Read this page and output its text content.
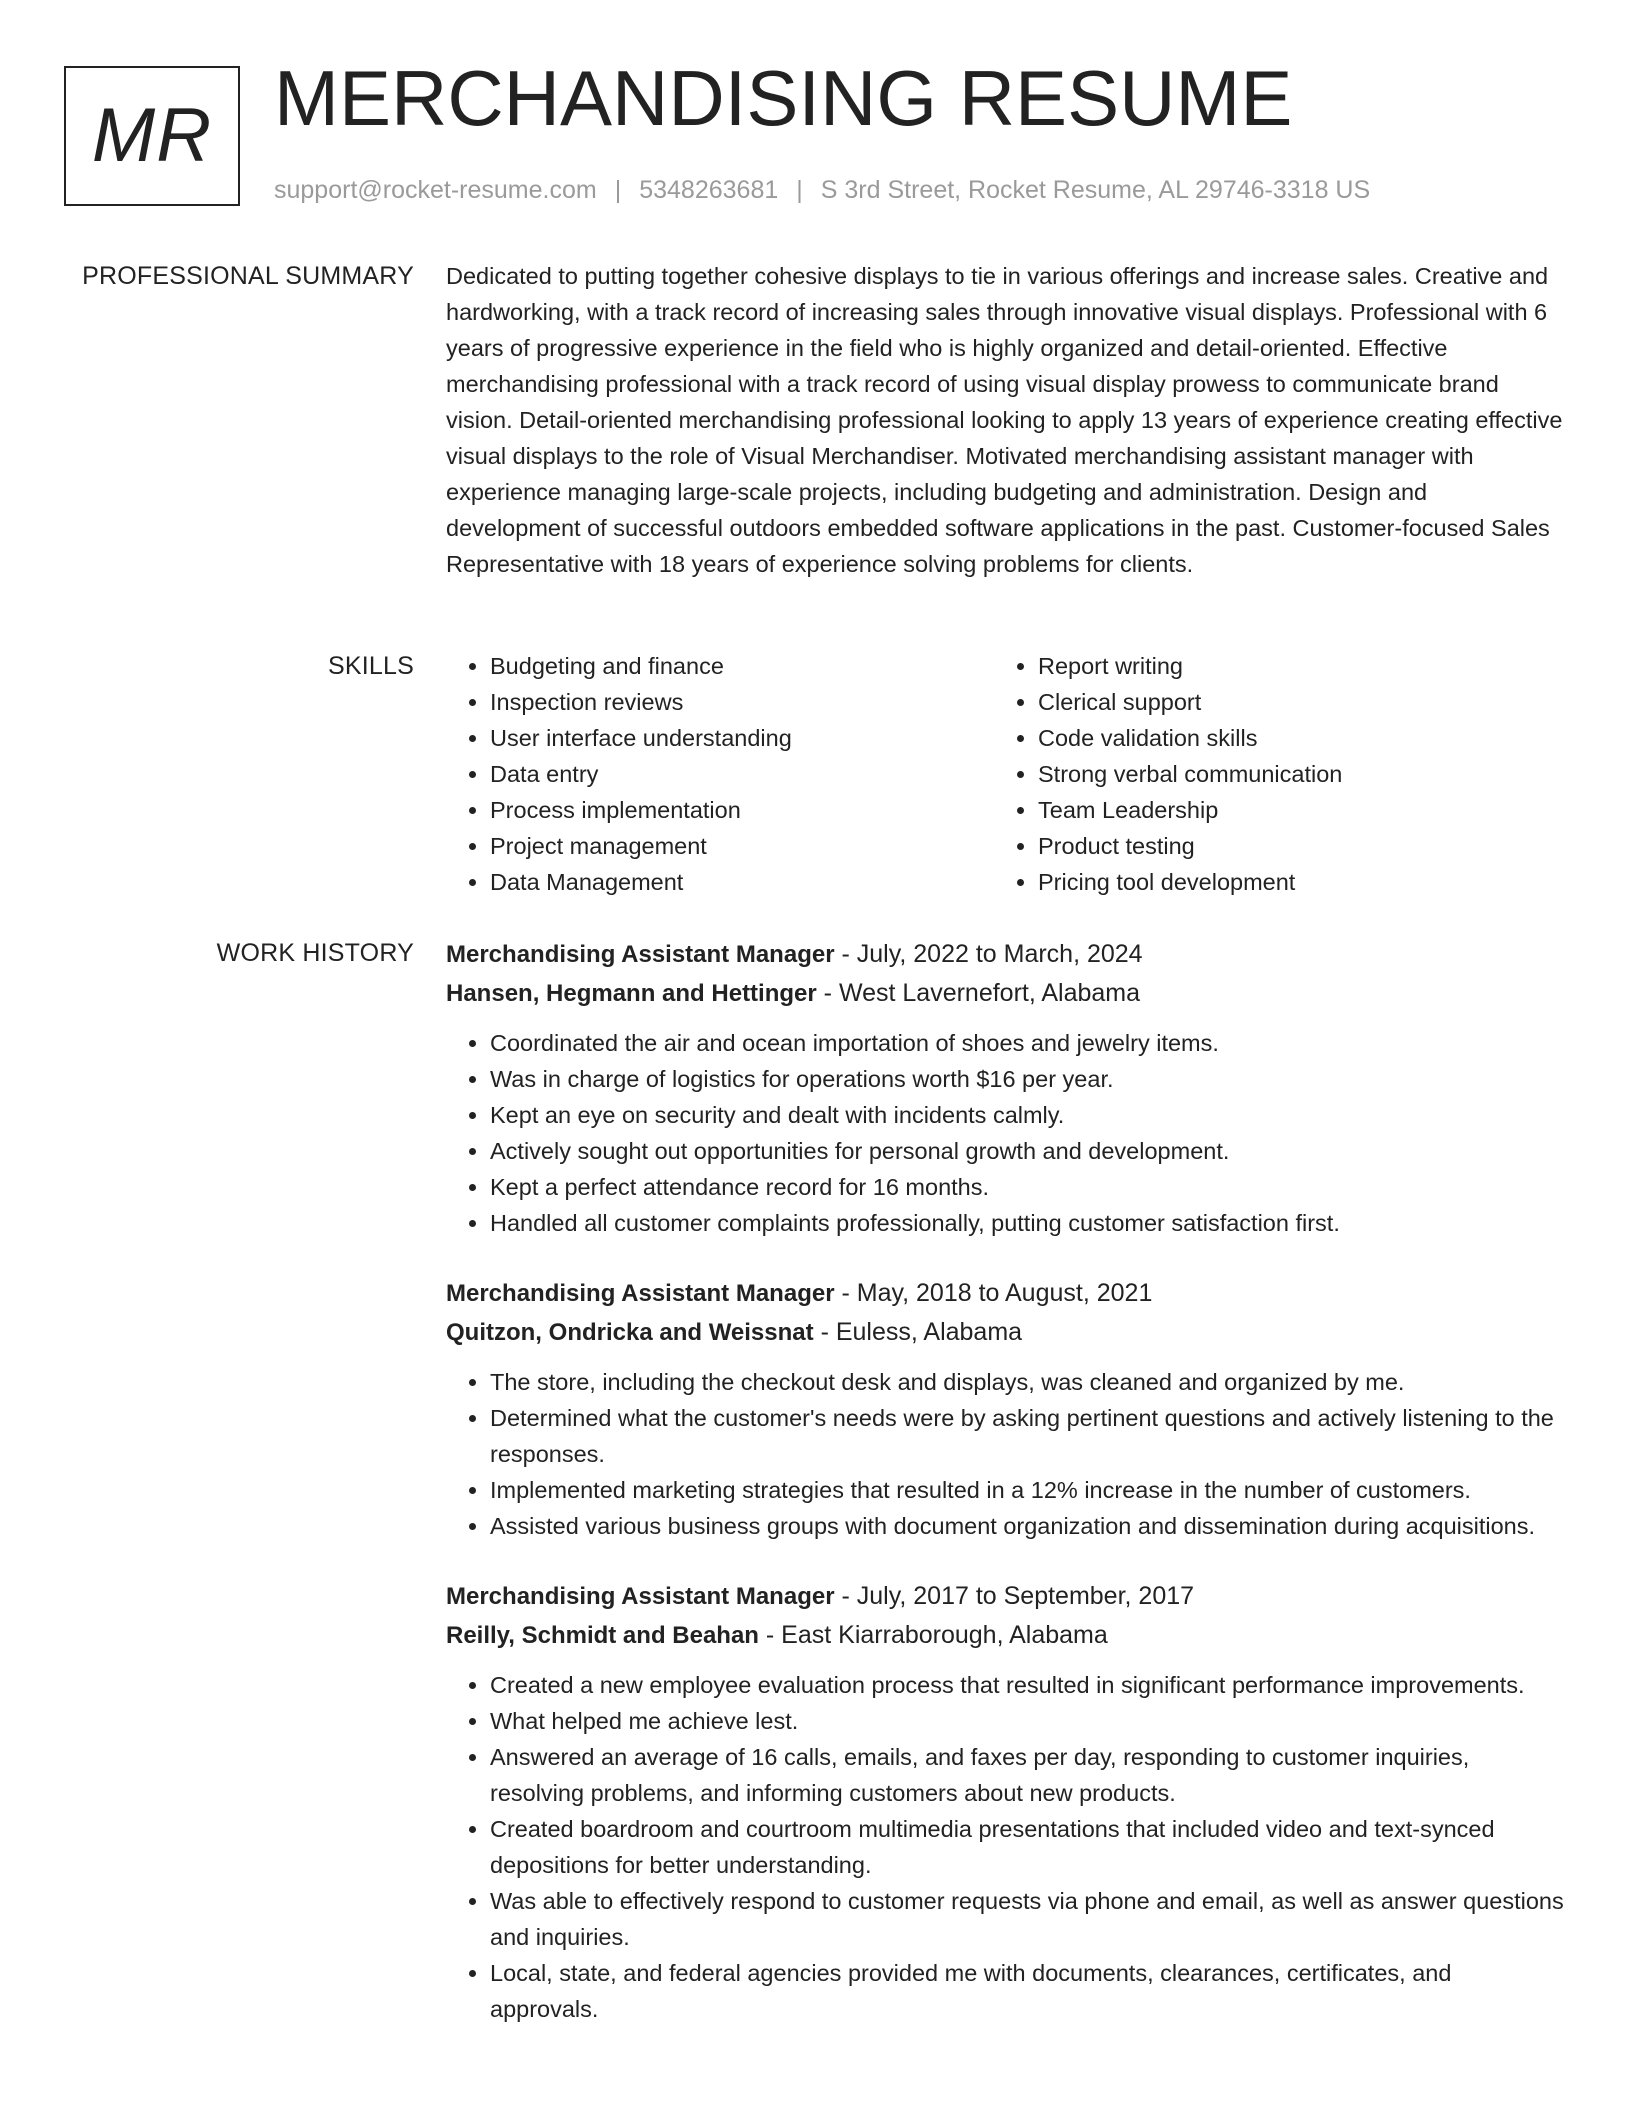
MR MERCHANDISING RESUME
support@rocket-resume.com | 5348263681 | S 3rd Street, Rocket Resume, AL 29746-3318 US
PROFESSIONAL SUMMARY Dedicated to putting together cohesive displays to tie in various offerings and increase sales. Creative and hardworking, with a track record of increasing sales through innovative visual displays. Professional with 6 years of progressive experience in the field who is highly organized and detail-oriented. Effective merchandising professional with a track record of using visual display prowess to communicate brand vision. Detail-oriented merchandising professional looking to apply 13 years of experience creating effective visual displays to the role of Visual Merchandiser. Motivated merchandising assistant manager with experience managing large-scale projects, including budgeting and administration. Design and development of successful outdoors embedded software applications in the past. Customer-focused Sales Representative with 18 years of experience solving problems for clients.

SKILLS
•	Budgeting and finance
• Inspection reviews
• User interface understanding
• Data entry
• Process implementation
• Project management
• Data Management
• Report writing
• Clerical support
• Code validation skills
• Strong verbal communication
• Team Leadership
• Product testing
• Pricing tool development
WORK HISTORY Merchandising Assistant Manager - July, 2022 to March, 2024
Hansen, Hegmann and Hettinger - West Lavernefort, Alabama
• Coordinated the air and ocean importation of shoes and jewelry items.
• Was in charge of logistics for operations worth $16 per year.
• Kept an eye on security and dealt with incidents calmly.
• Actively sought out opportunities for personal growth and development.
• Kept a perfect attendance record for 16 months.
• Handled all customer complaints professionally, putting customer satisfaction first.
Merchandising Assistant Manager - May, 2018 to August, 2021
Quitzon, Ondricka and Weissnat - Euless, Alabama
• The store, including the checkout desk and displays, was cleaned and organized by me.
• Determined what the customer's needs were by asking pertinent questions and actively listening to the responses.
• Implemented marketing strategies that resulted in a 12% increase in the number of customers.
• Assisted various business groups with document organization and dissemination during acquisitions.
Merchandising Assistant Manager - July, 2017 to September, 2017
Reilly, Schmidt and Beahan - East Kiarraborough, Alabama
• Created a new employee evaluation process that resulted in significant performance improvements.
• What helped me achieve lest.
• Answered an average of 16 calls, emails, and faxes per day, responding to customer inquiries, resolving problems, and informing customers about new products.
• Created boardroom and courtroom multimedia presentations that included video and text-synced depositions for better understanding.
• Was able to effectively respond to customer requests via phone and email, as well as answer questions and inquiries.
• Local, state, and federal agencies provided me with documents, clearances, certificates, and approvals.
